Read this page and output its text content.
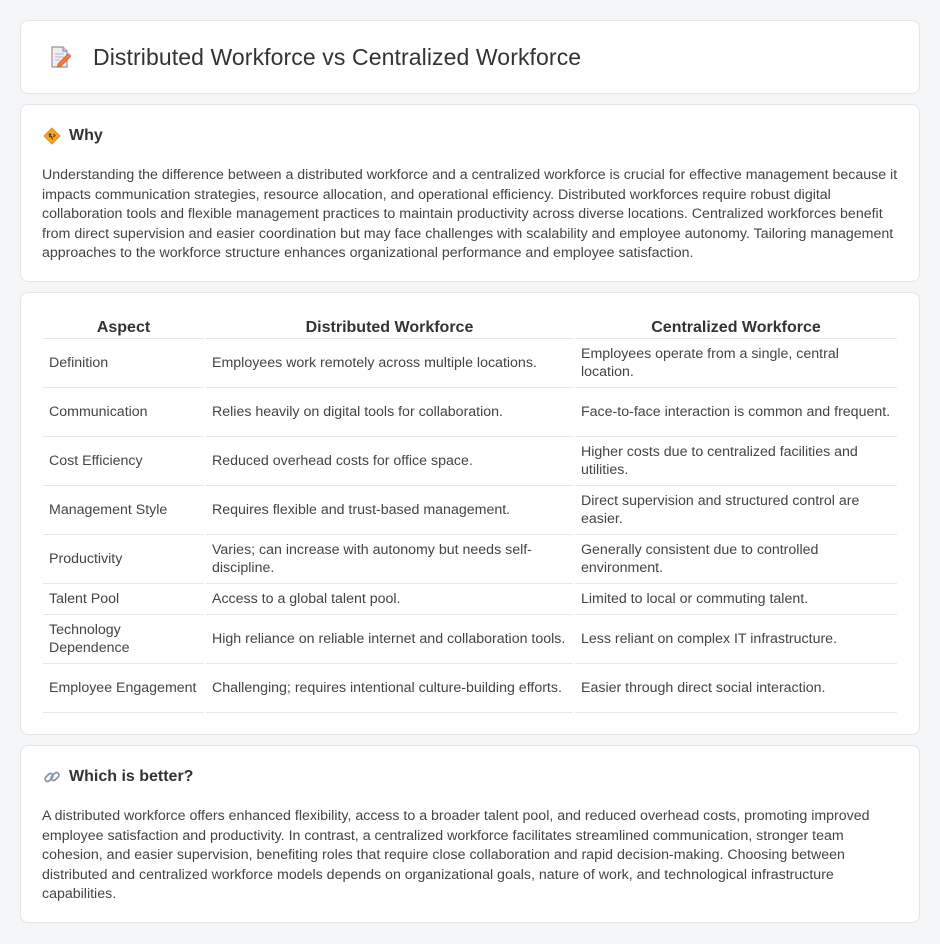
Distributed Workforce vs Centralized Workforce
Why

Understanding the difference between a distributed workforce and a centralized workforce is crucial for effective management because it impacts communication strategies, resource allocation, and operational efficiency. Distributed workforces require robust digital collaboration tools and flexible management practices to maintain productivity across diverse locations. Centralized workforces benefit from direct supervision and easier coordination but may face challenges with scalability and employee autonomy. Tailoring management approaches to the workforce structure enhances organizational performance and employee satisfaction.

Aspect	Distributed Workforce	Centralized Workforce
Definition	Employees work remotely across multiple locations.	Employees operate from a single, central location.
Communication	Relies heavily on digital tools for collaboration.	Face-to-face interaction is common and frequent.
Cost Efficiency	Reduced overhead costs for office space.	Higher costs due to centralized facilities and utilities.
Management Style	Requires flexible and trust-based management.	Direct supervision and structured control are easier.
Productivity	Varies; can increase with autonomy but needs self-discipline.	Generally consistent due to controlled environment.
Talent Pool	Access to a global talent pool.	Limited to local or commuting talent.
Technology Dependence	High reliance on reliable internet and collaboration tools.	Less reliant on complex IT infrastructure.
Employee Engagement	Challenging; requires intentional culture-building efforts.	Easier through direct social interaction.
Which is better?

A distributed workforce offers enhanced flexibility, access to a broader talent pool, and reduced overhead costs, promoting improved employee satisfaction and productivity. In contrast, a centralized workforce facilitates streamlined communication, stronger team cohesion, and easier supervision, benefiting roles that require close collaboration and rapid decision-making. Choosing between distributed and centralized workforce models depends on organizational goals, nature of work, and technological infrastructure capabilities.
